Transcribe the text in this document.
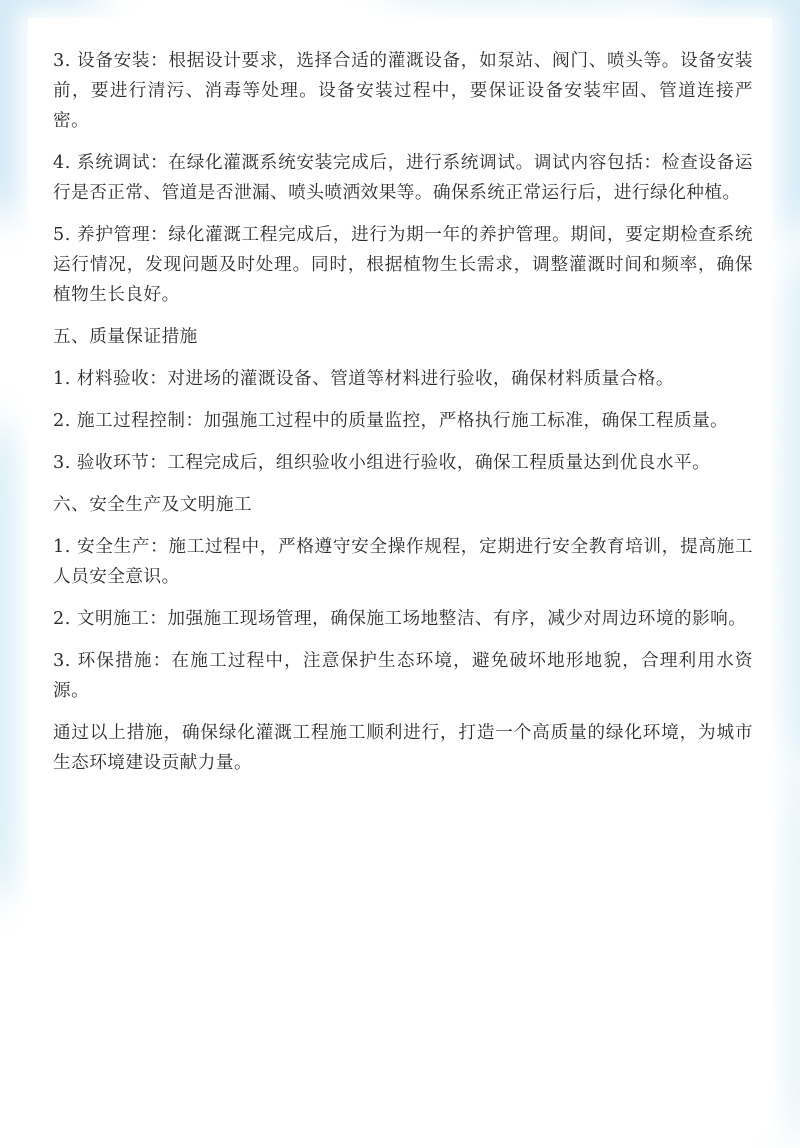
3. 设备安装：根据设计要求，选择合适的灌溉设备，如泵站、阀门、喷头等。设备安装前，要进行清污、消毒等处理。设备安装过程中，要保证设备安装牢固、管道连接严密。

4. 系统调试：在绿化灌溉系统安装完成后，进行系统调试。调试内容包括：检查设备运行是否正常、管道是否泄漏、喷头喷洒效果等。确保系统正常运行后，进行绿化种植。

5. 养护管理：绿化灌溉工程完成后，进行为期一年的养护管理。期间，要定期检查系统运行情况，发现问题及时处理。同时，根据植物生长需求，调整灌溉时间和频率，确保植物生长良好。

五、质量保证措施

1. 材料验收：对进场的灌溉设备、管道等材料进行验收，确保材料质量合格。

2. 施工过程控制：加强施工过程中的质量监控，严格执行施工标准，确保工程质量。

3. 验收环节：工程完成后，组织验收小组进行验收，确保工程质量达到优良水平。

六、安全生产及文明施工

1. 安全生产：施工过程中，严格遵守安全操作规程，定期进行安全教育培训，提高施工人员安全意识。

2. 文明施工：加强施工现场管理，确保施工场地整洁、有序，减少对周边环境的影响。

3. 环保措施：在施工过程中，注意保护生态环境，避免破坏地形地貌，合理利用水资源。

通过以上措施，确保绿化灌溉工程施工顺利进行，打造一个高质量的绿化环境，为城市生态环境建设贡献力量。
